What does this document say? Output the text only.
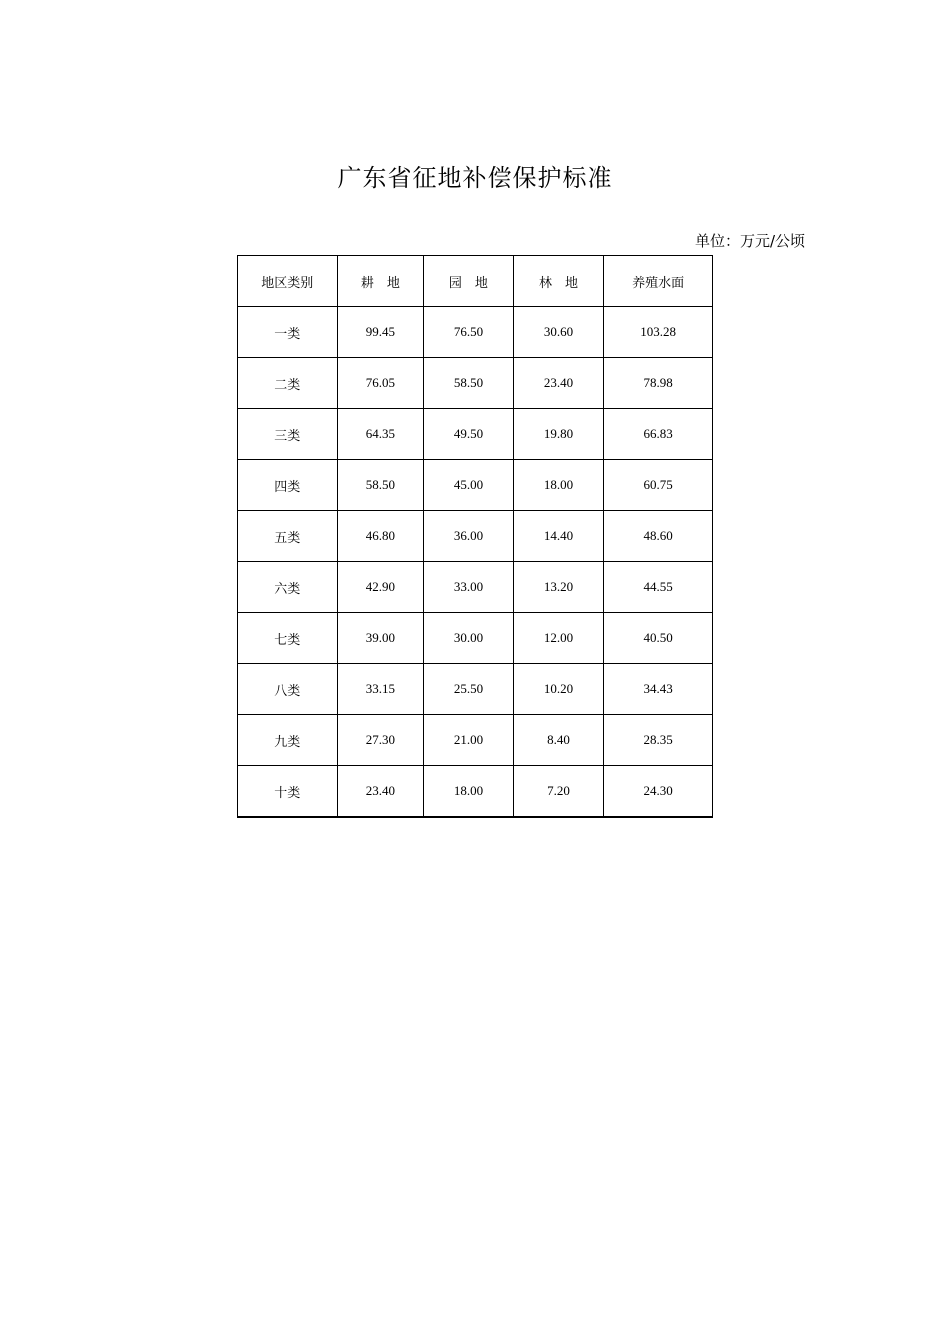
广东省征地补偿保护标准
单位：万元/公顷
地区类别	耕　地	园　地	林　地	养殖水面
一类	99.45	76.50	30.60	103.28
二类	76.05	58.50	23.40	78.98
三类	64.35	49.50	19.80	66.83
四类	58.50	45.00	18.00	60.75
五类	46.80	36.00	14.40	48.60
六类	42.90	33.00	13.20	44.55
七类	39.00	30.00	12.00	40.50
八类	33.15	25.50	10.20	34.43
九类	27.30	21.00	8.40	28.35
十类	23.40	18.00	7.20	24.30
